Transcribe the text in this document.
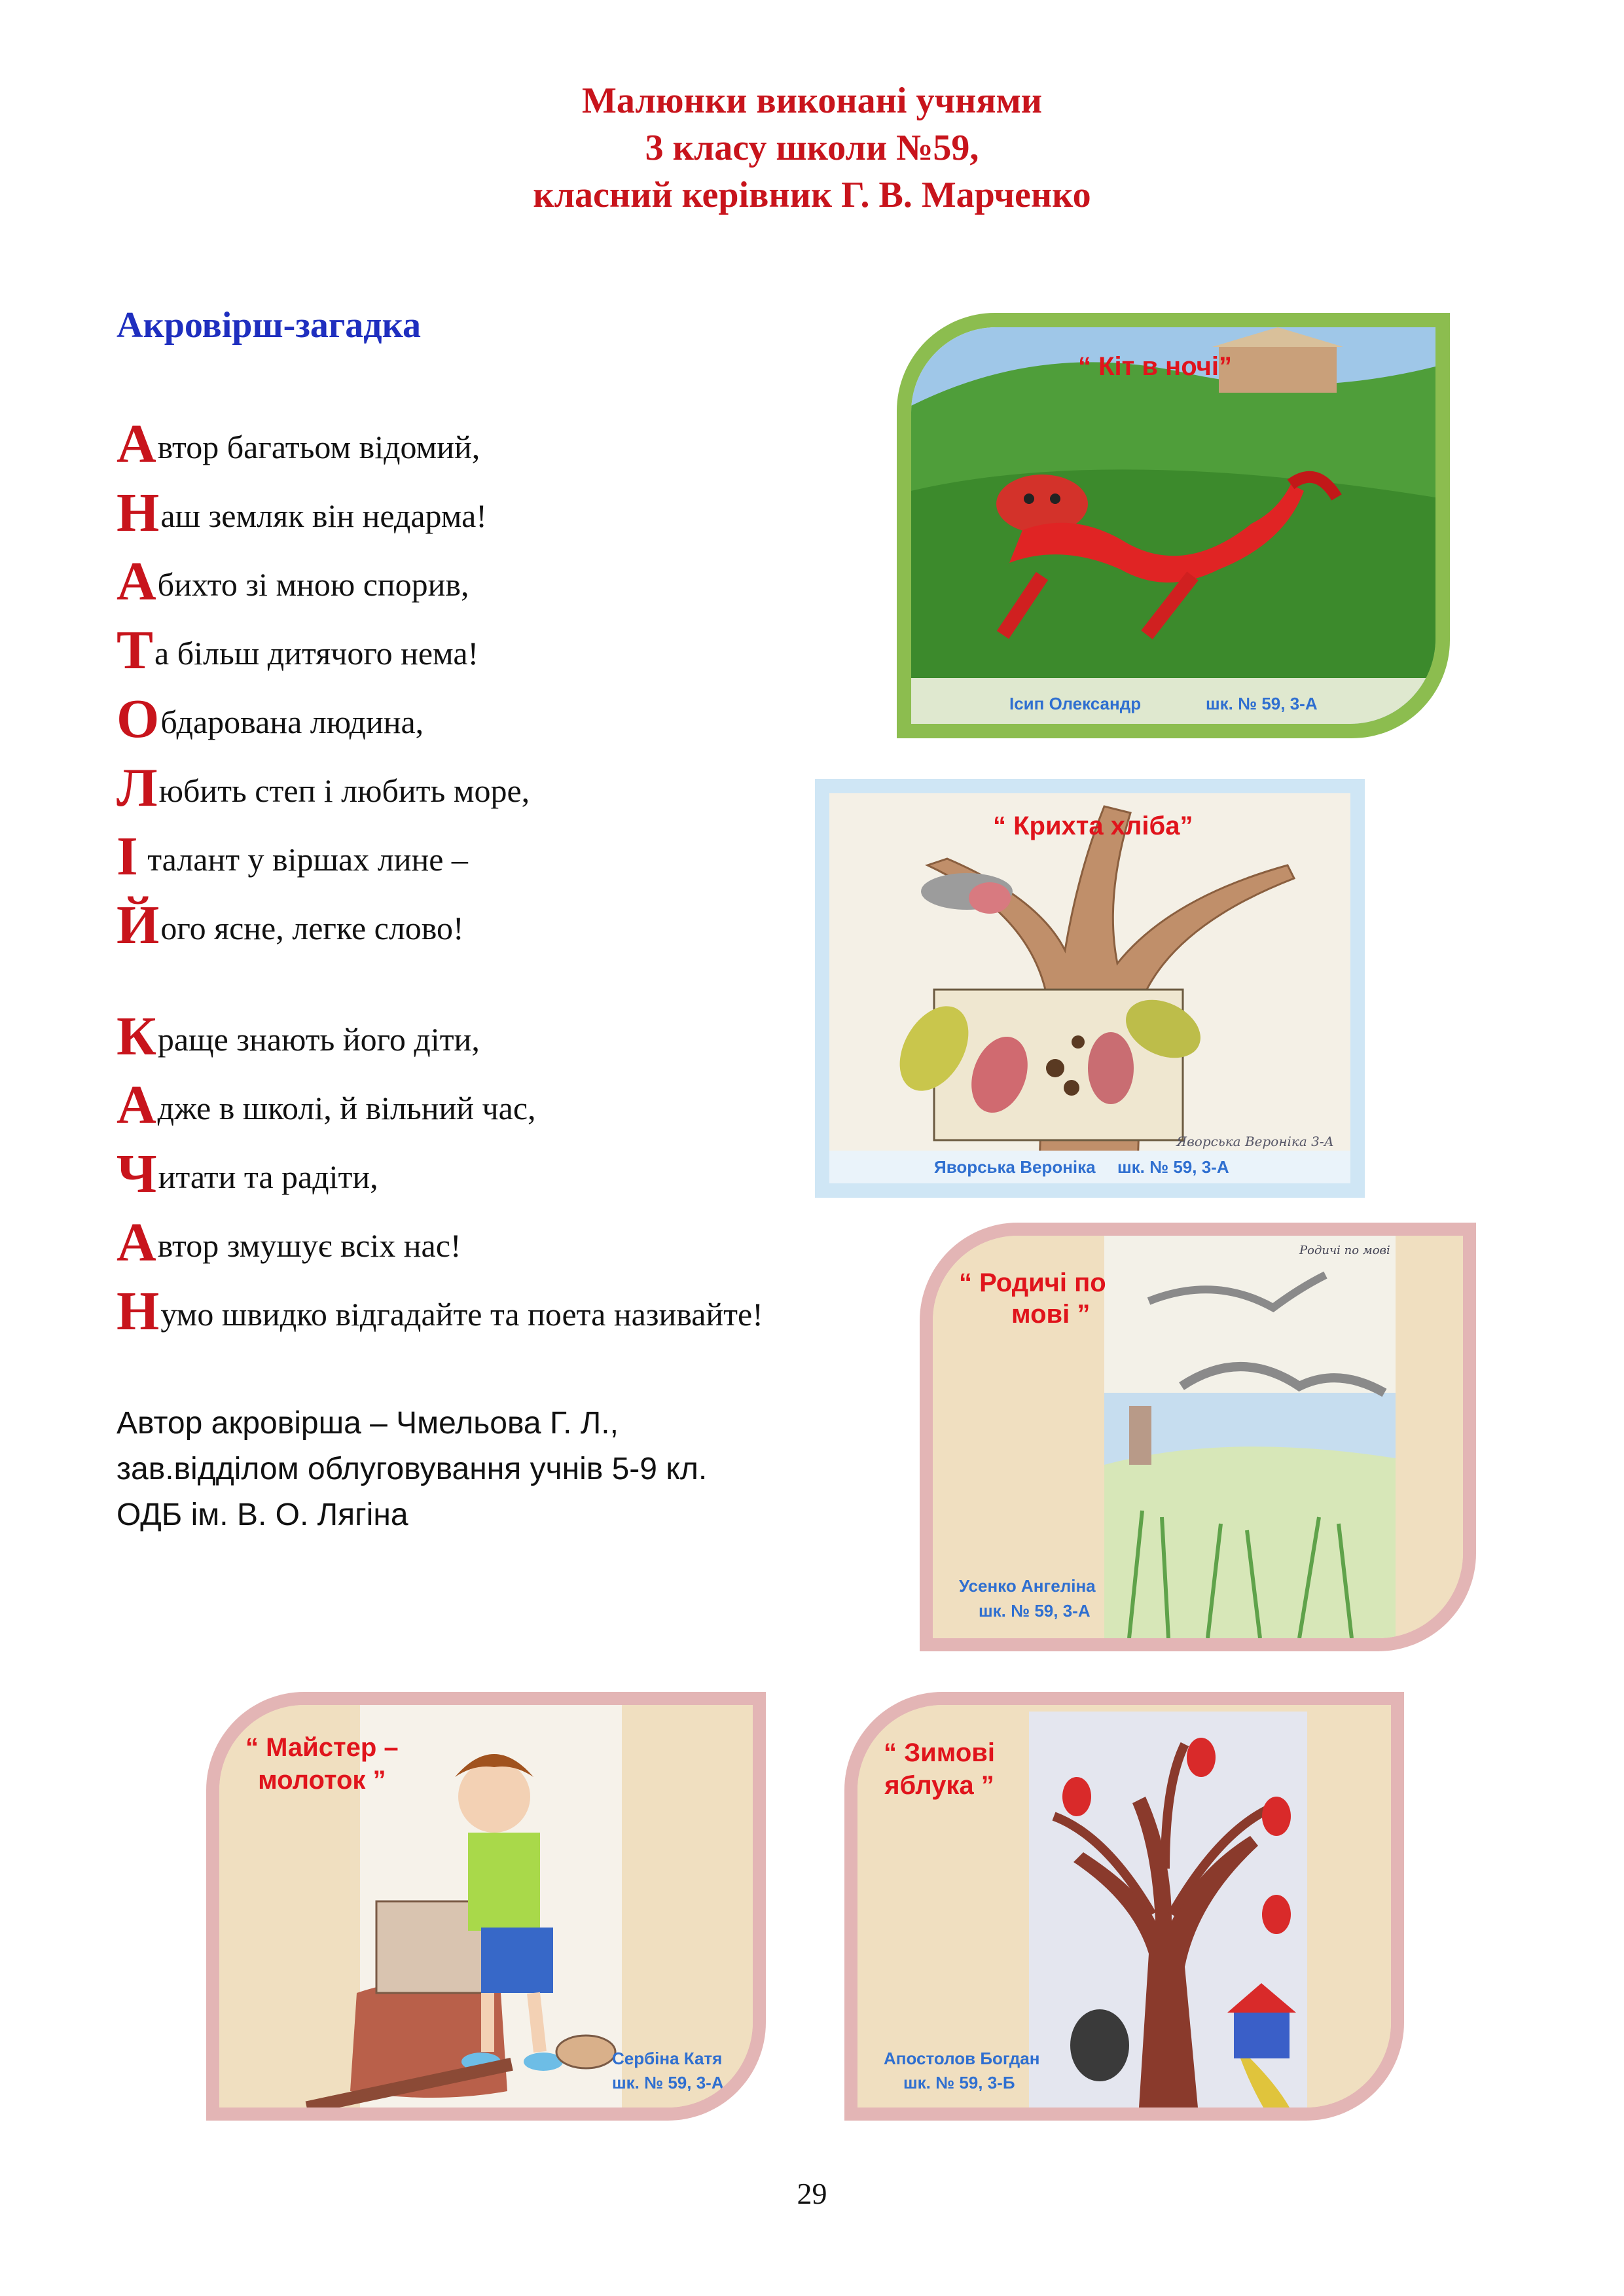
Малюнки виконані учнями
3 класу школи №59,
класний керівник Г. В. Марченко
Акровірш-загадка
Автор багатьом відомий,
Наш земляк він недарма!
Абихто зі мною спорив,
Та більш дитячого нема!
Обдарована людина,
Любить степ і любить море,
І талант у віршах лине –
Його ясне, легке слово!
Краще знають його діти,
Адже в школі, й вільний час,
Читати та радіти,
Автор змушує всіх нас!
Нумо швидко відгадайте та поета називайте!
Автор акровірша – Чмельова Г. Л.,
зав.відділом облуговування учнів 5-9 кл.
ОДБ ім. В. О. Лягіна
“ Кіт в ночі”
Ісип Олександр	шк. № 59, 3-А
“ Крихта хліба”
Яворська Вероніка 3-А
Яворська Вероніка шк. № 59, 3-А
“ Родичі по
мові ”
Родичі по мові
Усенко Ангеліна
шк. № 59, 3-А
“ Майстер –
молоток ”
Сербіна Катя
шк. № 59, 3-А
“ Зимові
яблука ”
Апостолов Богдан
шк. № 59, 3-Б
29
